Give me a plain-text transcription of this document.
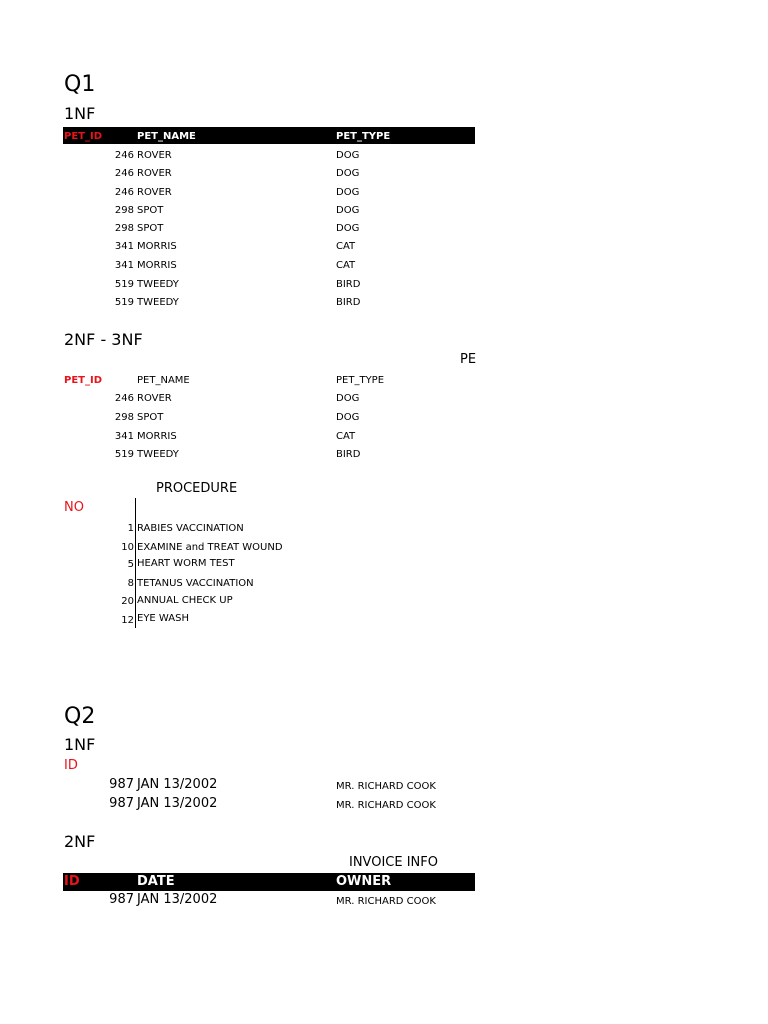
Q1
1NF
PET_ID	PET_NAME	PET_TYPE
246 ROVER	DOG
246 ROVER	DOG
246 ROVER	DOG
298 SPOT	DOG
298 SPOT	DOG
341 MORRIS	CAT
341 MORRIS	CAT
519 TWEEDY	BIRD
519 TWEEDY	BIRD
2NF - 3NF
PE
PET_ID	PET_NAME	PET_TYPE
246 ROVER	DOG
298 SPOT	DOG
341 MORRIS	CAT
519 TWEEDY	BIRD
PROCEDURE
NO
1 RABIES VACCINATION
10 EXAMINE and TREAT WOUND
5 HEART WORM TEST
8 TETANUS VACCINATION
20 ANNUAL CHECK UP
12 EYE WASH
Q2
1NF
ID
987 JAN 13/2002	MR. RICHARD COOK
987 JAN 13/2002	MR. RICHARD COOK
2NF
INVOICE INFO
ID	DATE	OWNER
987 JAN 13/2002	MR. RICHARD COOK
